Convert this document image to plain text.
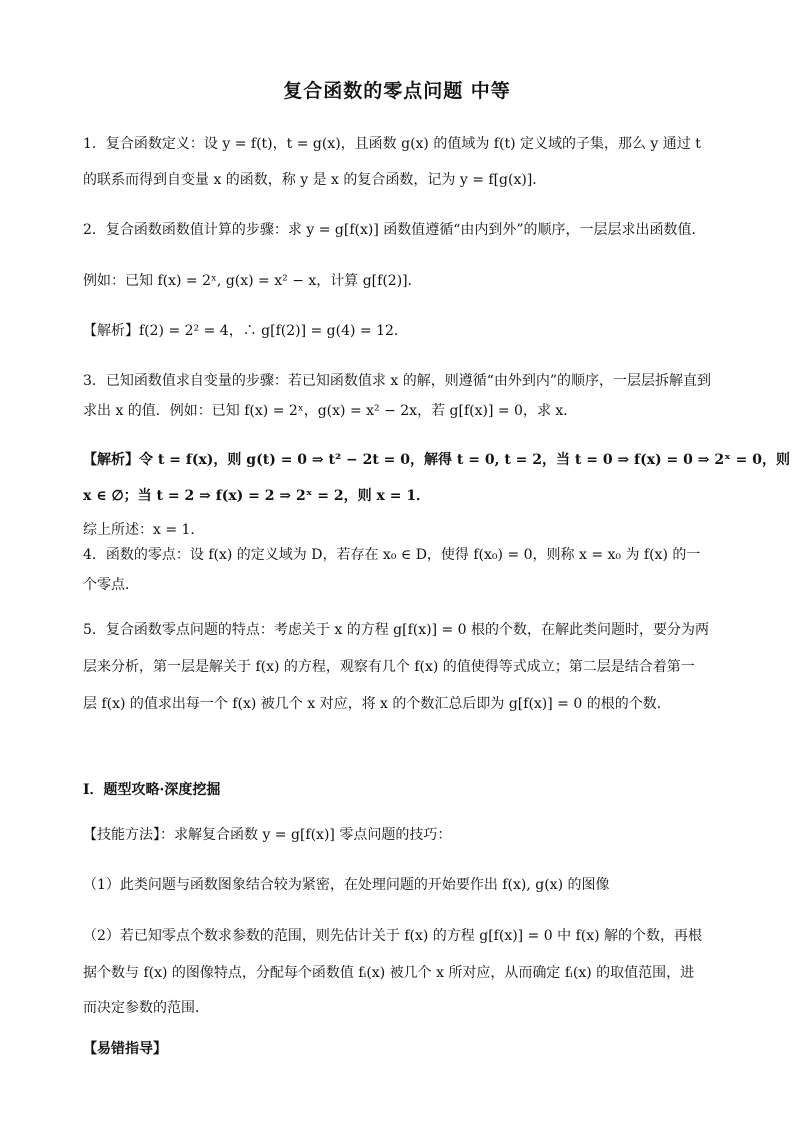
复合函数的零点问题 中等
1．复合函数定义：设 y = f(t)，t = g(x)，且函数 g(x) 的值域为 f(t) 定义域的子集，那么 y 通过 t
的联系而得到自变量 x 的函数，称 y 是 x 的复合函数，记为 y = f[g(x)]．
2．复合函数函数值计算的步骤：求 y = g[f(x)] 函数值遵循“由内到外”的顺序，一层层求出函数值．
例如：已知 f(x) = 2ˣ, g(x) = x² − x，计算 g[f(2)]．
【解析】f(2) = 2² = 4，∴ g[f(2)] = g(4) = 12．
3．已知函数值求自变量的步骤：若已知函数值求 x 的解，则遵循“由外到内”的顺序，一层层拆解直到
求出 x 的值．例如：已知 f(x) = 2ˣ，g(x) = x² − 2x，若 g[f(x)] = 0，求 x．
【解析】令 t = f(x)，则 g(t) = 0 ⇒ t² − 2t = 0，解得 t = 0, t = 2，当 t = 0 ⇒ f(x) = 0 ⇒ 2ˣ = 0，则
x ∈ ∅；当 t = 2 ⇒ f(x) = 2 ⇒ 2ˣ = 2，则 x = 1．
综上所述：x = 1．
4．函数的零点：设 f(x) 的定义域为 D，若存在 x₀ ∈ D，使得 f(x₀) = 0，则称 x = x₀ 为 f(x) 的一
个零点．
5．复合函数零点问题的特点：考虑关于 x 的方程 g[f(x)] = 0 根的个数，在解此类问题时，要分为两
层来分析，第一层是解关于 f(x) 的方程，观察有几个 f(x) 的值使得等式成立；第二层是结合着第一
层 f(x) 的值求出每一个 f(x) 被几个 x 对应，将 x 的个数汇总后即为 g[f(x)] = 0 的根的个数．
I．题型攻略·深度挖掘
【技能方法】：求解复合函数 y = g[f(x)] 零点问题的技巧：
（1）此类问题与函数图象结合较为紧密，在处理问题的开始要作出 f(x), g(x) 的图像
（2）若已知零点个数求参数的范围，则先估计关于 f(x) 的方程 g[f(x)] = 0 中 f(x) 解的个数，再根
据个数与 f(x) 的图像特点，分配每个函数值 fᵢ(x) 被几个 x 所对应，从而确定 fᵢ(x) 的取值范围，进
而决定参数的范围．
【易错指导】
